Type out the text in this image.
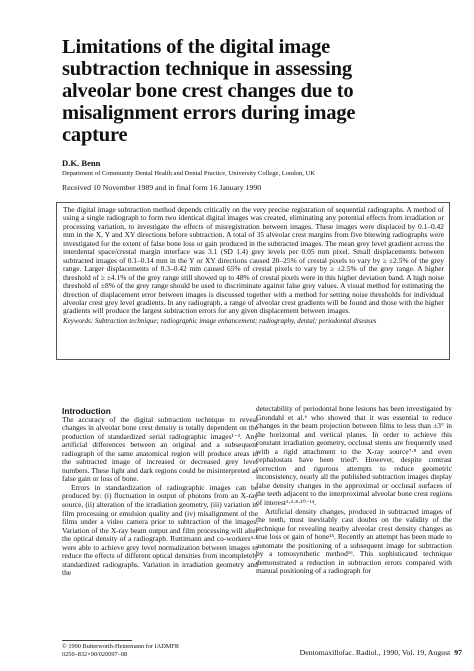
Limitations of the digital image subtraction technique in assessing alveolar bone crest changes due to misalignment errors during image capture

D.K. Benn

Department of Community Dental Health and Dental Practice, University College, London, UK

Received 10 November 1989 and in final form 16 January 1990

The digital image subtraction method depends critically on the very precise registration of sequential radiographs. A method of using a single radiograph to form two identical digital images was created, eliminating any potential effects from irradiation or processing variation, to investigate the effects of misregistration between images. These images were displaced by 0.1–0.42 mm in the X, Y and XY directions before subtraction. A total of 35 alveolar crest margins from five bitewing radiographs were investigated for the extent of false bone loss or gain produced in the subtracted images. The mean grey level gradient across the interdental space/crestal margin interface was 3.1 (SD 1.4) grey levels per 0.05 mm pixel. Small displacements between subtracted images of 0.1–0.14 mm in the Y or XY directions caused 20–25% of crestal pixels to vary by ≥ ±2.5% of the grey range. Larger displacements of 0.3–0.42 mm caused 65% of crestal pixels to vary by ≥ ±2.5% of the grey range. A higher threshold of ≥ ±4.1% of the grey range still showed up to 48% of crestal pixels were in this higher deviation band. A high noise threshold of ±8% of the grey range should be used to discriminate against false grey values. A visual method for estimating the direction of displacement error between images is discussed together with a method for setting noise thresholds for individual alveolar crest grey level gradients. In any radiograph, a range of alveolar crest gradients will be found and those with the higher gradients will produce the largest subtraction errors for any given displacement between images.

Keywords: Subtraction technique; radiographic image enhancement; radiography, dental; periodontal diseases

Introduction

The accuracy of the digital subtraction technique to reveal changes in alveolar bone crest density is totally dependent on the production of standardized serial radiographic images¹⁻³. Any artificial differences between an original and a subsequent radiograph of the same anatomical region will produce areas in the subtracted image of increased or decreased grey level numbers. These light and dark regions could be misinterpreted as false gain or loss of bone.

Errors in standardization of radiographic images can be produced by: (i) fluctuation in output of photons from an X-ray source, (ii) alteration of the irradiation geometry, (iii) variation in film processing or emulsion quality and (iv) misalignment of the films under a video camera prior to subtraction of the images. Variation of the X-ray beam output and film processing will alter the optical density of a radiograph. Ruttimann and co-workers⁴·⁵ were able to achieve grey level normalization between images to reduce the effects of different optical densities from incompletely standardized radiographs. Variation in irradiation geometry and the

detectability of periodontal bone lesions has been investigated by Grondahl et al.⁶ who showed that it was essential to reduce changes in the beam projection between films to less than ±3° in the horizontal and vertical planes. In order to achieve this constant irradiation geometry, occlusal stents are frequently used with a rigid attachment to the X-ray source⁷·⁸ and even cephalostats have been tried⁹. However, despite contrast correction and rigorous attempts to reduce geometric inconsistency, nearly all the published subtraction images display false density changes in the approximal or occlusal surfaces of the teeth adjacent to the interproximal alveolar bone crest regions of interest²·³·⁸·¹⁰⁻¹⁴.

Artificial density changes, produced in subtracted images of the teeth, must inevitably cast doubts on the validity of the technique for revealing nearby alveolar crest density changes as true loss or gain of bone¹⁵. Recently an attempt has been made to automate the positioning of a subsequent image for subtraction by a tomosynthetic method¹⁶. This sophisticated technique demonstrated a reduction in subtraction errors compared with manual positioning of a radiograph for

© 1990 Butterworth-Heinemann for IADMFR
0250–832×90/020097–08	Dentomaxillofac. Radiol., 1990, Vol. 19, August 97
